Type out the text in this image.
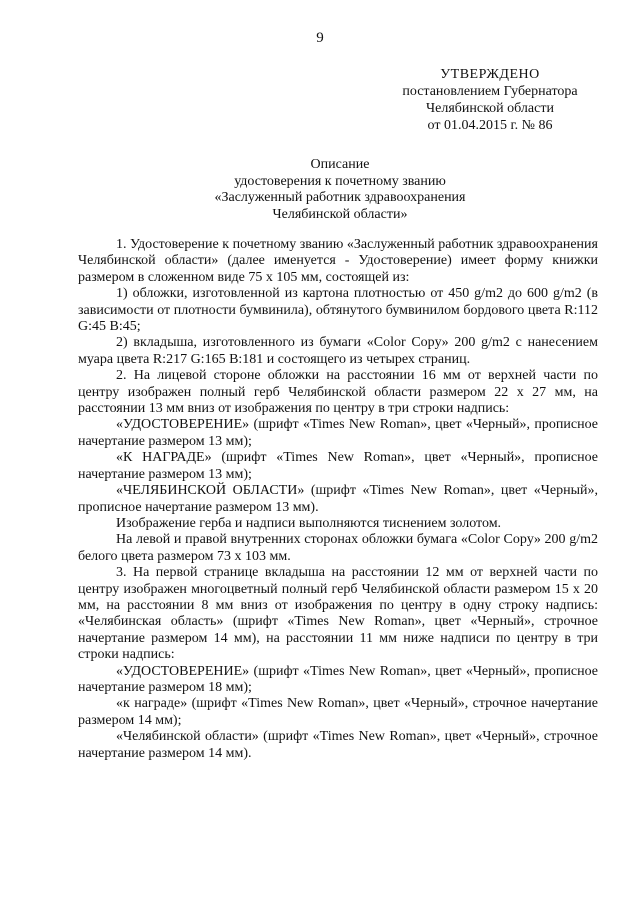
9
УТВЕРЖДЕНО
постановлением Губернатора
Челябинской области
от 01.04.2015 г. № 86
Описание
удостоверения к почетному званию
«Заслуженный работник здравоохранения
Челябинской области»

1. Удостоверение к почетному званию «Заслуженный работник здравоохранения Челябинской области» (далее именуется - Удостоверение) имеет форму книжки размером в сложенном виде 75 х 105 мм, состоящей из:

1) обложки, изготовленной из картона плотностью от 450 g/m2 до 600 g/m2 (в зависимости от плотности бумвинила), обтянутого бумвинилом бордового цвета R:112 G:45 B:45;

2) вкладыша, изготовленного из бумаги «Color Copy» 200 g/m2 с нанесением муара цвета R:217 G:165 B:181 и состоящего из четырех страниц.

2. На лицевой стороне обложки на расстоянии 16 мм от верхней части по центру изображен полный герб Челябинской области размером 22 х 27 мм, на расстоянии 13 мм вниз от изображения по центру в три строки надпись:

«УДОСТОВЕРЕНИЕ» (шрифт «Times New Roman», цвет «Черный», прописное начертание размером 13 мм);

«К НАГРАДЕ» (шрифт «Times New Roman», цвет «Черный», прописное начертание размером 13 мм);

«ЧЕЛЯБИНСКОЙ ОБЛАСТИ» (шрифт «Times New Roman», цвет «Черный», прописное начертание размером 13 мм).

Изображение герба и надписи выполняются тиснением золотом.

На левой и правой внутренних сторонах обложки бумага «Color Copy» 200 g/m2 белого цвета размером 73 х 103 мм.

3. На первой странице вкладыша на расстоянии 12 мм от верхней части по центру изображен многоцветный полный герб Челябинской области размером 15 х 20 мм, на расстоянии 8 мм вниз от изображения по центру в одну строку надпись: «Челябинская область» (шрифт «Times New Roman», цвет «Черный», строчное начертание размером 14 мм), на расстоянии 11 мм ниже надписи по центру в три строки надпись:

«УДОСТОВЕРЕНИЕ» (шрифт «Times New Roman», цвет «Черный», прописное начертание размером 18 мм);

«к награде» (шрифт «Times New Roman», цвет «Черный», строчное начертание размером 14 мм);

«Челябинской области» (шрифт «Times New Roman», цвет «Черный», строчное начертание размером 14 мм).
